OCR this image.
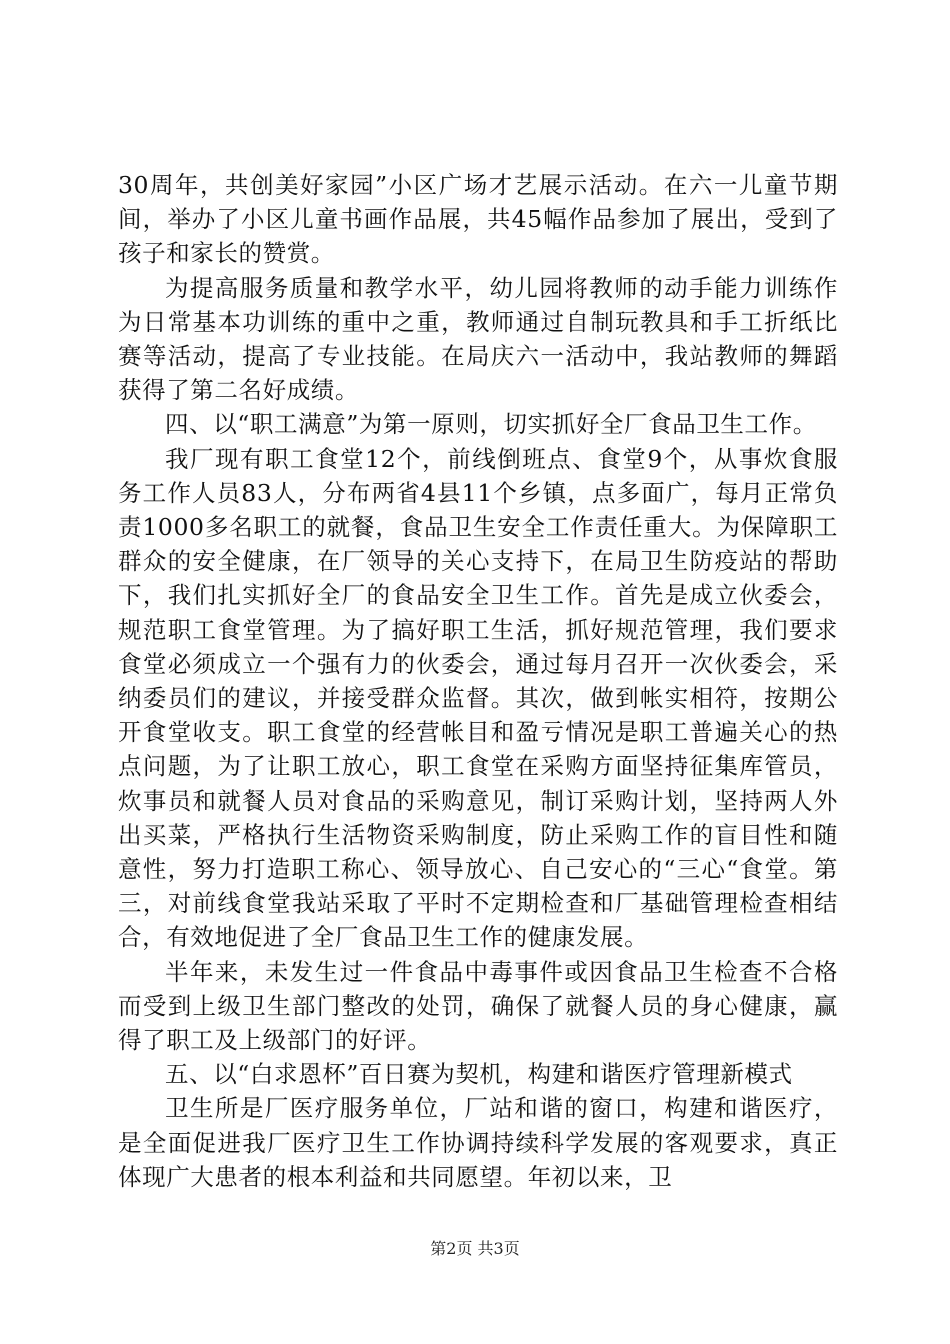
30周年，共创美好家园”小区广场才艺展示活动。在六一儿童节期间，举办了小区儿童书画作品展，共45幅作品参加了展出，受到了孩子和家长的赞赏。

为提高服务质量和教学水平，幼儿园将教师的动手能力训练作为日常基本功训练的重中之重，教师通过自制玩教具和手工折纸比赛等活动，提高了专业技能。在局庆六一活动中，我站教师的舞蹈获得了第二名好成绩。

四、以“职工满意”为第一原则，切实抓好全厂食品卫生工作。

我厂现有职工食堂12个，前线倒班点、食堂9个，从事炊食服务工作人员83人，分布两省4县11个乡镇，点多面广，每月正常负责1000多名职工的就餐，食品卫生安全工作责任重大。为保障职工群众的安全健康，在厂领导的关心支持下，在局卫生防疫站的帮助下，我们扎实抓好全厂的食品安全卫生工作。首先是成立伙委会，规范职工食堂管理。为了搞好职工生活，抓好规范管理，我们要求食堂必须成立一个强有力的伙委会，通过每月召开一次伙委会，采纳委员们的建议，并接受群众监督。其次，做到帐实相符，按期公开食堂收支。职工食堂的经营帐目和盈亏情况是职工普遍关心的热点问题，为了让职工放心，职工食堂在采购方面坚持征集库管员，炊事员和就餐人员对食品的采购意见，制订采购计划，坚持两人外出买菜，严格执行生活物资采购制度，防止采购工作的盲目性和随意性，努力打造职工称心、领导放心、自己安心的“三心“食堂。第三，对前线食堂我站采取了平时不定期检查和厂基础管理检查相结合，有效地促进了全厂食品卫生工作的健康发展。

半年来，未发生过一件食品中毒事件或因食品卫生检查不合格而受到上级卫生部门整改的处罚，确保了就餐人员的身心健康，赢得了职工及上级部门的好评。

五、以“白求恩杯”百日赛为契机，构建和谐医疗管理新模式

卫生所是厂医疗服务单位，厂站和谐的窗口，构建和谐医疗，是全面促进我厂医疗卫生工作协调持续科学发展的客观要求，真正体现广大患者的根本利益和共同愿望。年初以来，卫

第2页 共3页
